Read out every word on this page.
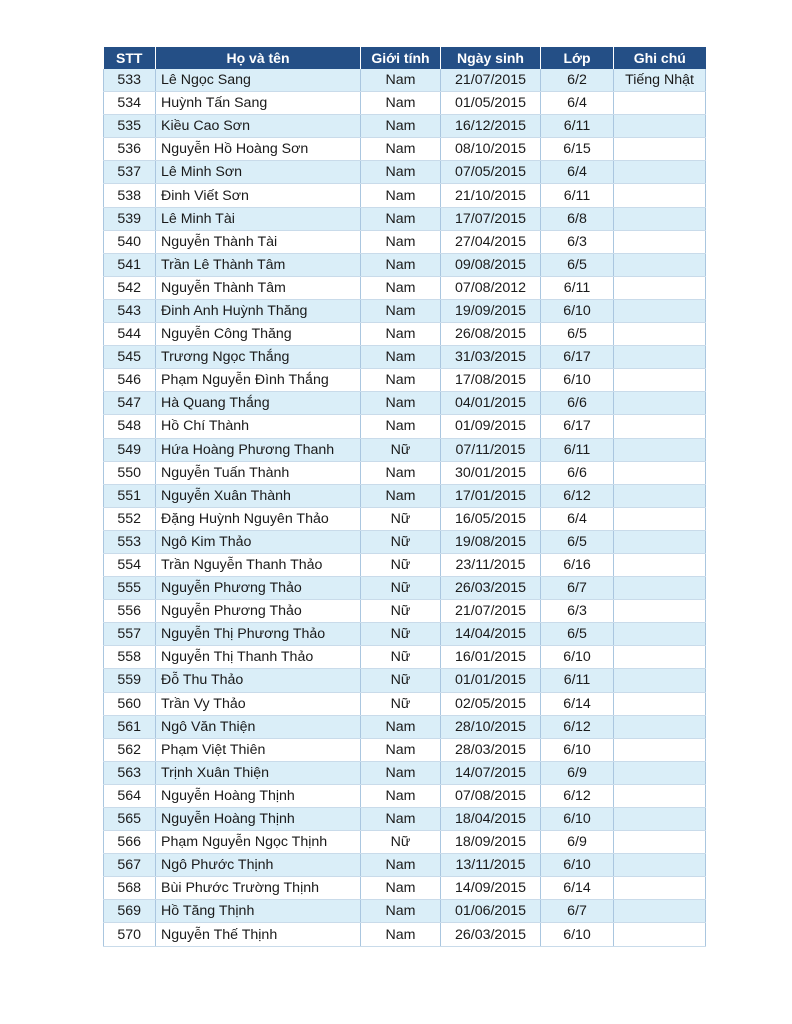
STT	Họ và tên	Giới tính	Ngày sinh	Lớp	Ghi chú
533	Lê Ngọc Sang	Nam	21/07/2015	6/2	Tiếng Nhật
534	Huỳnh Tấn Sang	Nam	01/05/2015	6/4	
535	Kiều Cao Sơn	Nam	16/12/2015	6/11	
536	Nguyễn Hồ Hoàng Sơn	Nam	08/10/2015	6/15	
537	Lê Minh Sơn	Nam	07/05/2015	6/4	
538	Đinh Viết Sơn	Nam	21/10/2015	6/11	
539	Lê Minh Tài	Nam	17/07/2015	6/8	
540	Nguyễn Thành Tài	Nam	27/04/2015	6/3	
541	Trần Lê Thành Tâm	Nam	09/08/2015	6/5	
542	Nguyễn Thành Tâm	Nam	07/08/2012	6/11	
543	Đinh Anh Huỳnh Thăng	Nam	19/09/2015	6/10	
544	Nguyễn Công Thăng	Nam	26/08/2015	6/5	
545	Trương Ngọc Thắng	Nam	31/03/2015	6/17	
546	Phạm Nguyễn Đình Thắng	Nam	17/08/2015	6/10	
547	Hà Quang Thắng	Nam	04/01/2015	6/6	
548	Hồ Chí Thành	Nam	01/09/2015	6/17	
549	Hứa Hoàng Phương Thanh	Nữ	07/11/2015	6/11	
550	Nguyễn Tuấn Thành	Nam	30/01/2015	6/6	
551	Nguyễn Xuân Thành	Nam	17/01/2015	6/12	
552	Đặng Huỳnh Nguyên Thảo	Nữ	16/05/2015	6/4	
553	Ngô Kim Thảo	Nữ	19/08/2015	6/5	
554	Trần Nguyễn Thanh Thảo	Nữ	23/11/2015	6/16	
555	Nguyễn Phương Thảo	Nữ	26/03/2015	6/7	
556	Nguyễn Phương Thảo	Nữ	21/07/2015	6/3	
557	Nguyễn Thị Phương Thảo	Nữ	14/04/2015	6/5	
558	Nguyễn Thị Thanh Thảo	Nữ	16/01/2015	6/10	
559	Đỗ Thu Thảo	Nữ	01/01/2015	6/11	
560	Trần Vy Thảo	Nữ	02/05/2015	6/14	
561	Ngô Văn Thiện	Nam	28/10/2015	6/12	
562	Phạm Việt Thiên	Nam	28/03/2015	6/10	
563	Trịnh Xuân Thiện	Nam	14/07/2015	6/9	
564	Nguyễn Hoàng Thịnh	Nam	07/08/2015	6/12	
565	Nguyễn Hoàng Thịnh	Nam	18/04/2015	6/10	
566	Phạm Nguyễn Ngọc Thịnh	Nữ	18/09/2015	6/9	
567	Ngô Phước Thịnh	Nam	13/11/2015	6/10	
568	Bùi Phước Trường Thịnh	Nam	14/09/2015	6/14	
569	Hồ Tăng Thịnh	Nam	01/06/2015	6/7	
570	Nguyễn Thế Thịnh	Nam	26/03/2015	6/10	
